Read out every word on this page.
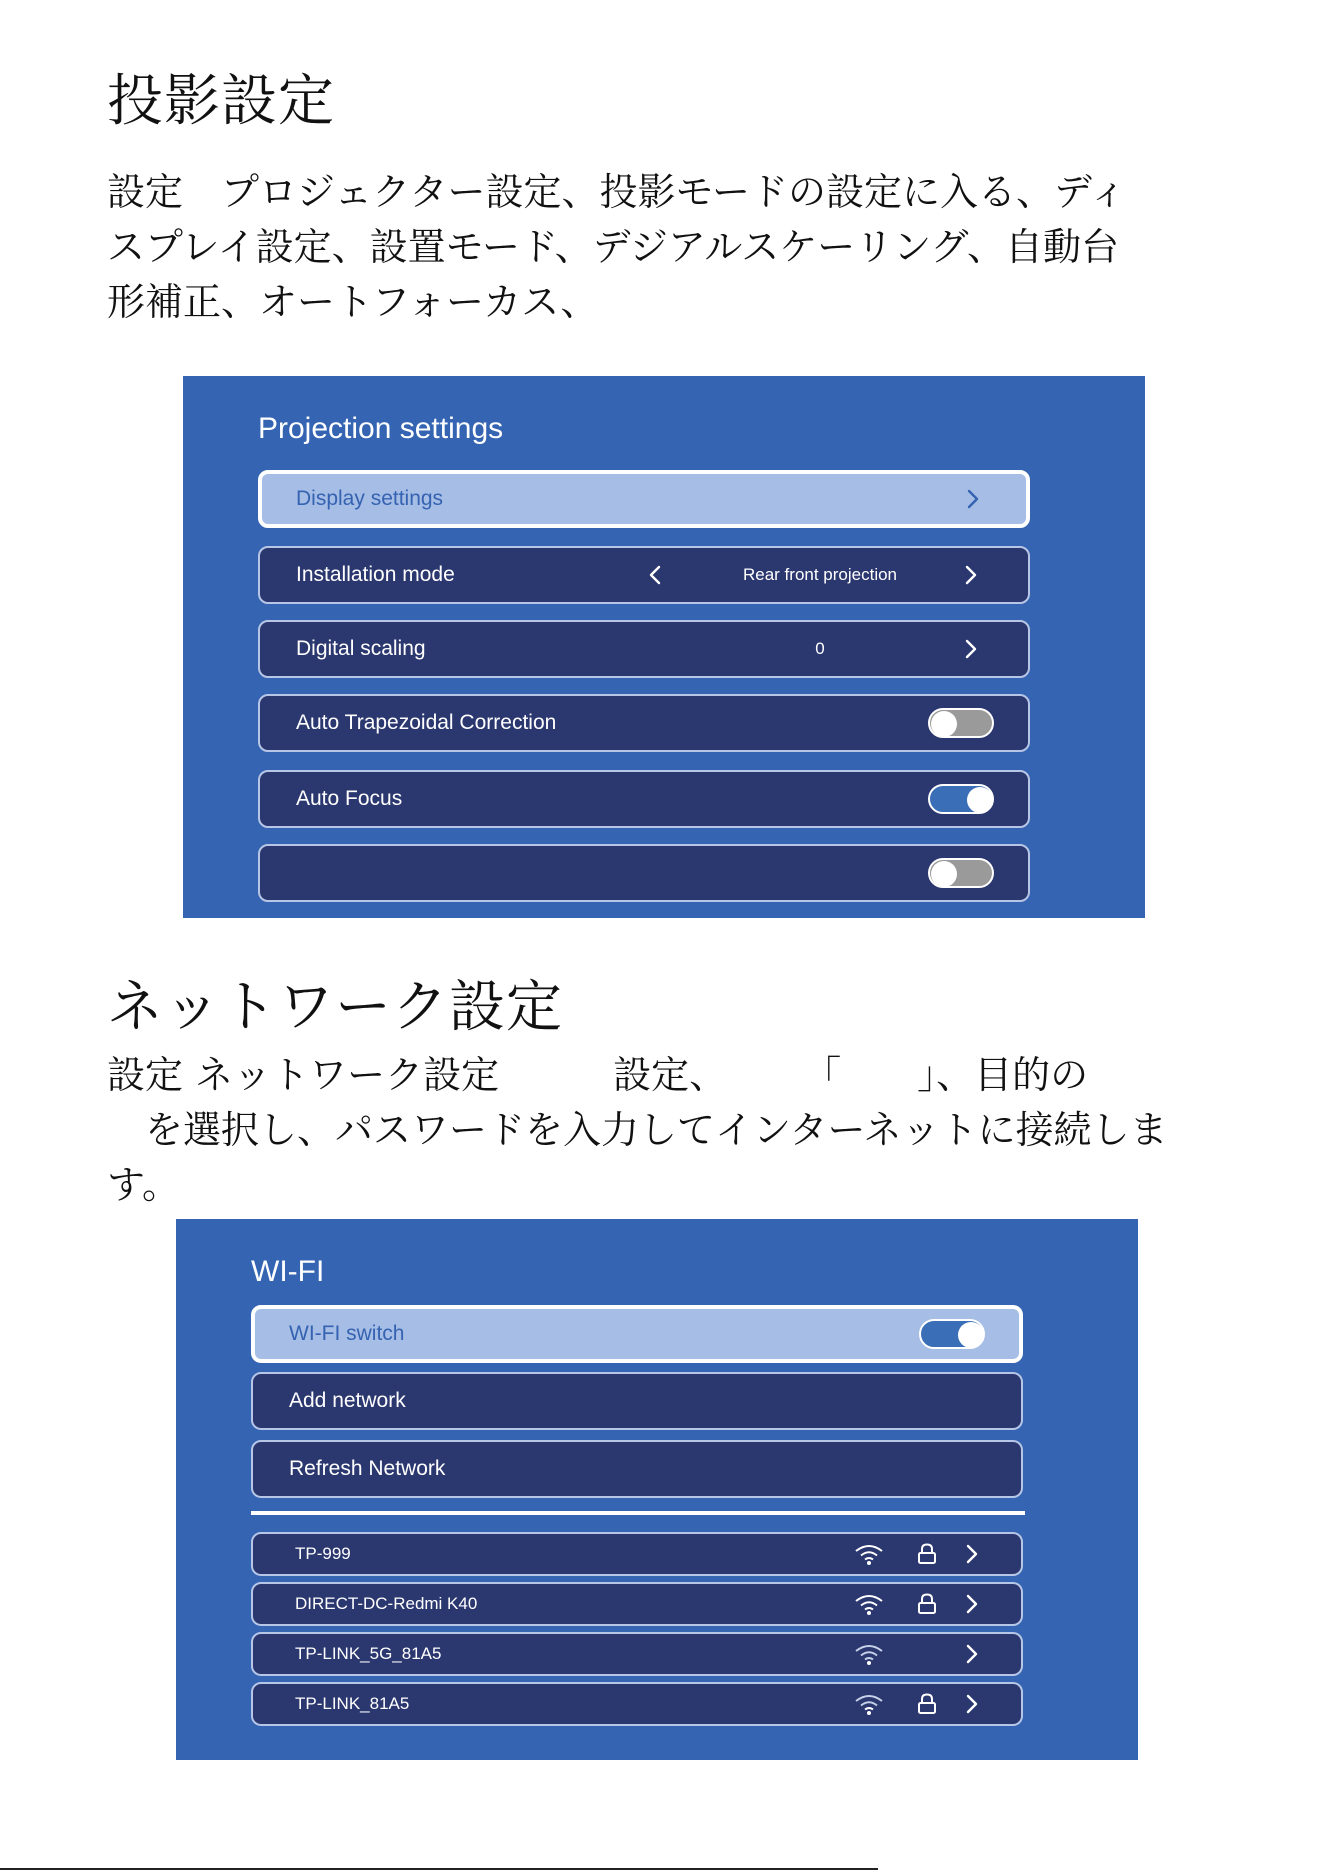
投影設定

設定　プロジェクター設定、投影モードの設定に入る、ディ
スプレイ設定、設置モード、デジアルスケーリング、自動台
形補正、オートフォーカス、

Projection settings
Display settings
Installation mode	Rear front projection
Digital scaling	0
Auto Trapezoidal Correction
Auto Focus
ネットワーク設定

設定 ネットワーク設定　　　設定、　　　「　　」、目的の
　を選択し、パスワードを入力してインターネットに接続しま
す。

WI-FI
WI-FI switch
Add network
Refresh Network
TP-999
DIRECT-DC-Redmi K40
TP-LINK_5G_81A5
TP-LINK_81A5
